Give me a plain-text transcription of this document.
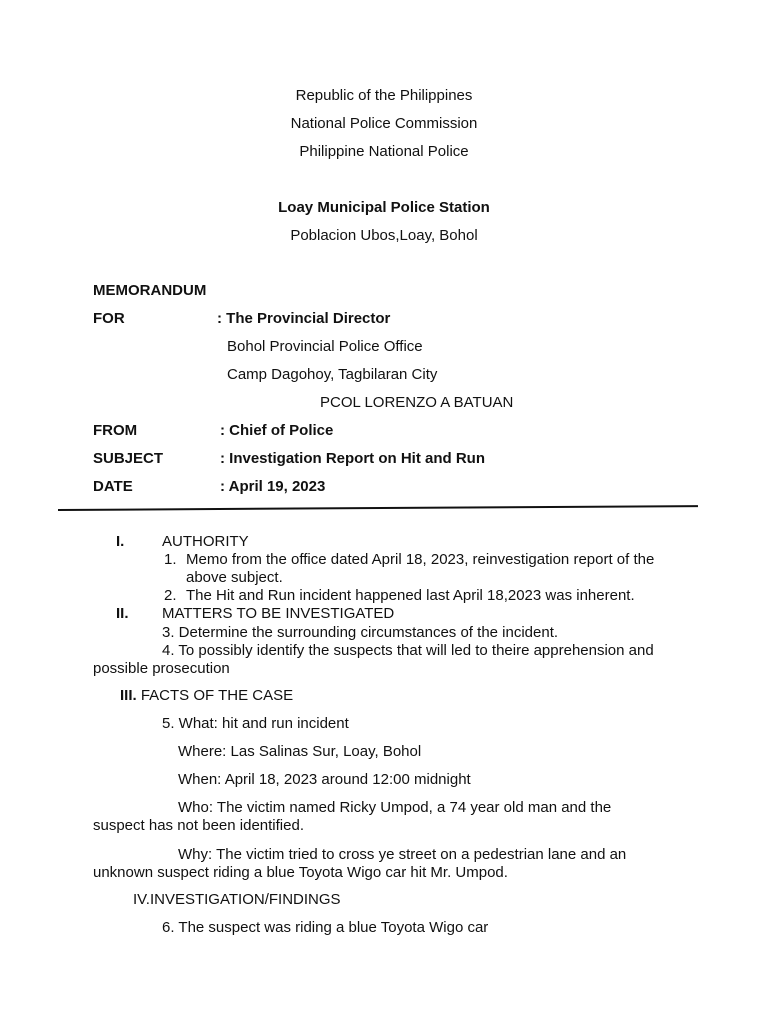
Republic of the Philippines
National Police Commission
Philippine National Police
Loay Municipal Police Station
Poblacion Ubos,Loay, Bohol
MEMORANDUM
FOR	: The Provincial Director
Bohol Provincial Police Office
Camp Dagohoy, Tagbilaran City
PCOL LORENZO A BATUAN
FROM	: Chief of Police
SUBJECT	: Investigation Report on Hit and Run
DATE	: April 19, 2023
I.	AUTHORITY
1. Memo from the office dated April 18, 2023, reinvestigation report of the
above subject.
2. The Hit and Run incident happened last April 18,2023 was inherent.
II. MATTERS TO BE INVESTIGATED
3. Determine the surrounding circumstances of the incident.
4. To possibly identify the suspects that will led to theire apprehension and
possible prosecution
III. FACTS OF THE CASE
5. What: hit and run incident
Where: Las Salinas Sur, Loay, Bohol
When: April 18, 2023 around 12:00 midnight
Who: The victim named Ricky Umpod, a 74 year old man and the
suspect has not been identified.
Why: The victim tried to cross ye street on a pedestrian lane and an
unknown suspect riding a blue Toyota Wigo car hit Mr. Umpod.
IV.INVESTIGATION/FINDINGS
6. The suspect was riding a blue Toyota Wigo car
